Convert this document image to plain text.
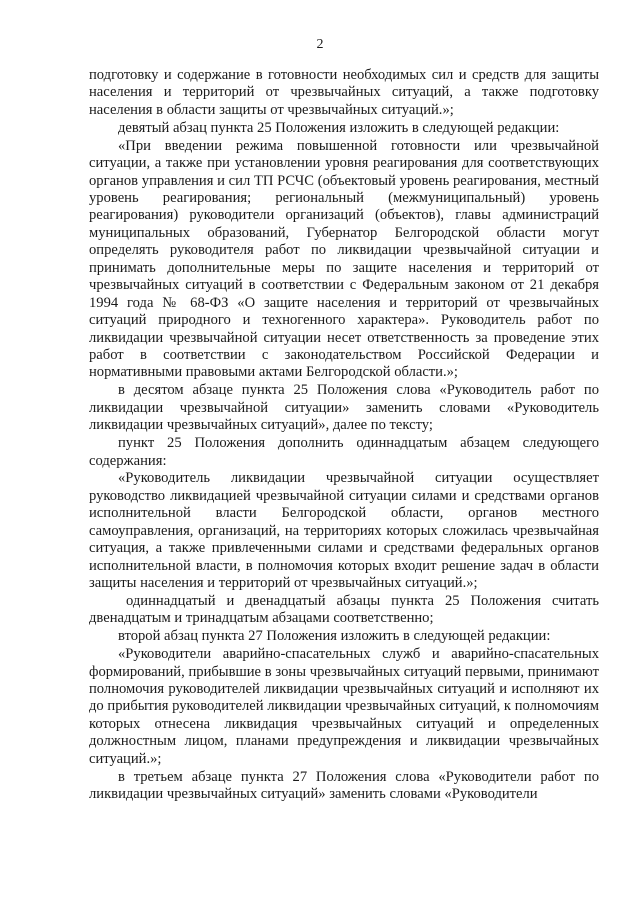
2

подготовку и содержание в готовности необходимых сил и средств для защиты населения и территорий от чрезвычайных ситуаций, а также подготовку населения в области защиты от чрезвычайных ситуаций.»;

девятый абзац пункта 25 Положения изложить в следующей редакции:

«При введении режима повышенной готовности или чрезвычайной ситуации, а также при установлении уровня реагирования для соответствующих органов управления и сил ТП РСЧС (объектовый уровень реагирования, местный уровень реагирования; региональный (межмуниципальный) уровень реагирования) руководители организаций (объектов), главы администраций муниципальных образований, Губернатор Белгородской области могут определять руководителя работ по ликвидации чрезвычайной ситуации и принимать дополнительные меры по защите населения и территорий от чрезвычайных ситуаций в соответствии с Федеральным законом от 21 декабря 1994 года № 68-ФЗ «О защите населения и территорий от чрезвычайных ситуаций природного и техногенного характера». Руководитель работ по ликвидации чрезвычайной ситуации несет ответственность за проведение этих работ в соответствии с законодательством Российской Федерации и нормативными правовыми актами Белгородской области.»;

в десятом абзаце пункта 25 Положения слова «Руководитель работ по ликвидации чрезвычайной ситуации» заменить словами «Руководитель ликвидации чрезвычайных ситуаций», далее по тексту;

пункт 25 Положения дополнить одиннадцатым абзацем следующего содержания:

«Руководитель ликвидации чрезвычайной ситуации осуществляет руководство ликвидацией чрезвычайной ситуации силами и средствами органов исполнительной власти Белгородской области, органов местного самоуправления, организаций, на территориях которых сложилась чрезвычайная ситуация, а также привлеченными силами и средствами федеральных органов исполнительной власти, в полномочия которых входит решение задач в области защиты населения и территорий от чрезвычайных ситуаций.»;

одиннадцатый и двенадцатый абзацы пункта 25 Положения считать двенадцатым и тринадцатым абзацами соответственно;

второй абзац пункта 27 Положения изложить в следующей редакции:

«Руководители аварийно-спасательных служб и аварийно-спасательных формирований, прибывшие в зоны чрезвычайных ситуаций первыми, принимают полномочия руководителей ликвидации чрезвычайных ситуаций и исполняют их до прибытия руководителей ликвидации чрезвычайных ситуаций, к полномочиям которых отнесена ликвидация чрезвычайных ситуаций и определенных должностным лицом, планами предупреждения и ликвидации чрезвычайных ситуаций.»;

в третьем абзаце пункта 27 Положения слова «Руководители работ по ликвидации чрезвычайных ситуаций» заменить словами «Руководители
